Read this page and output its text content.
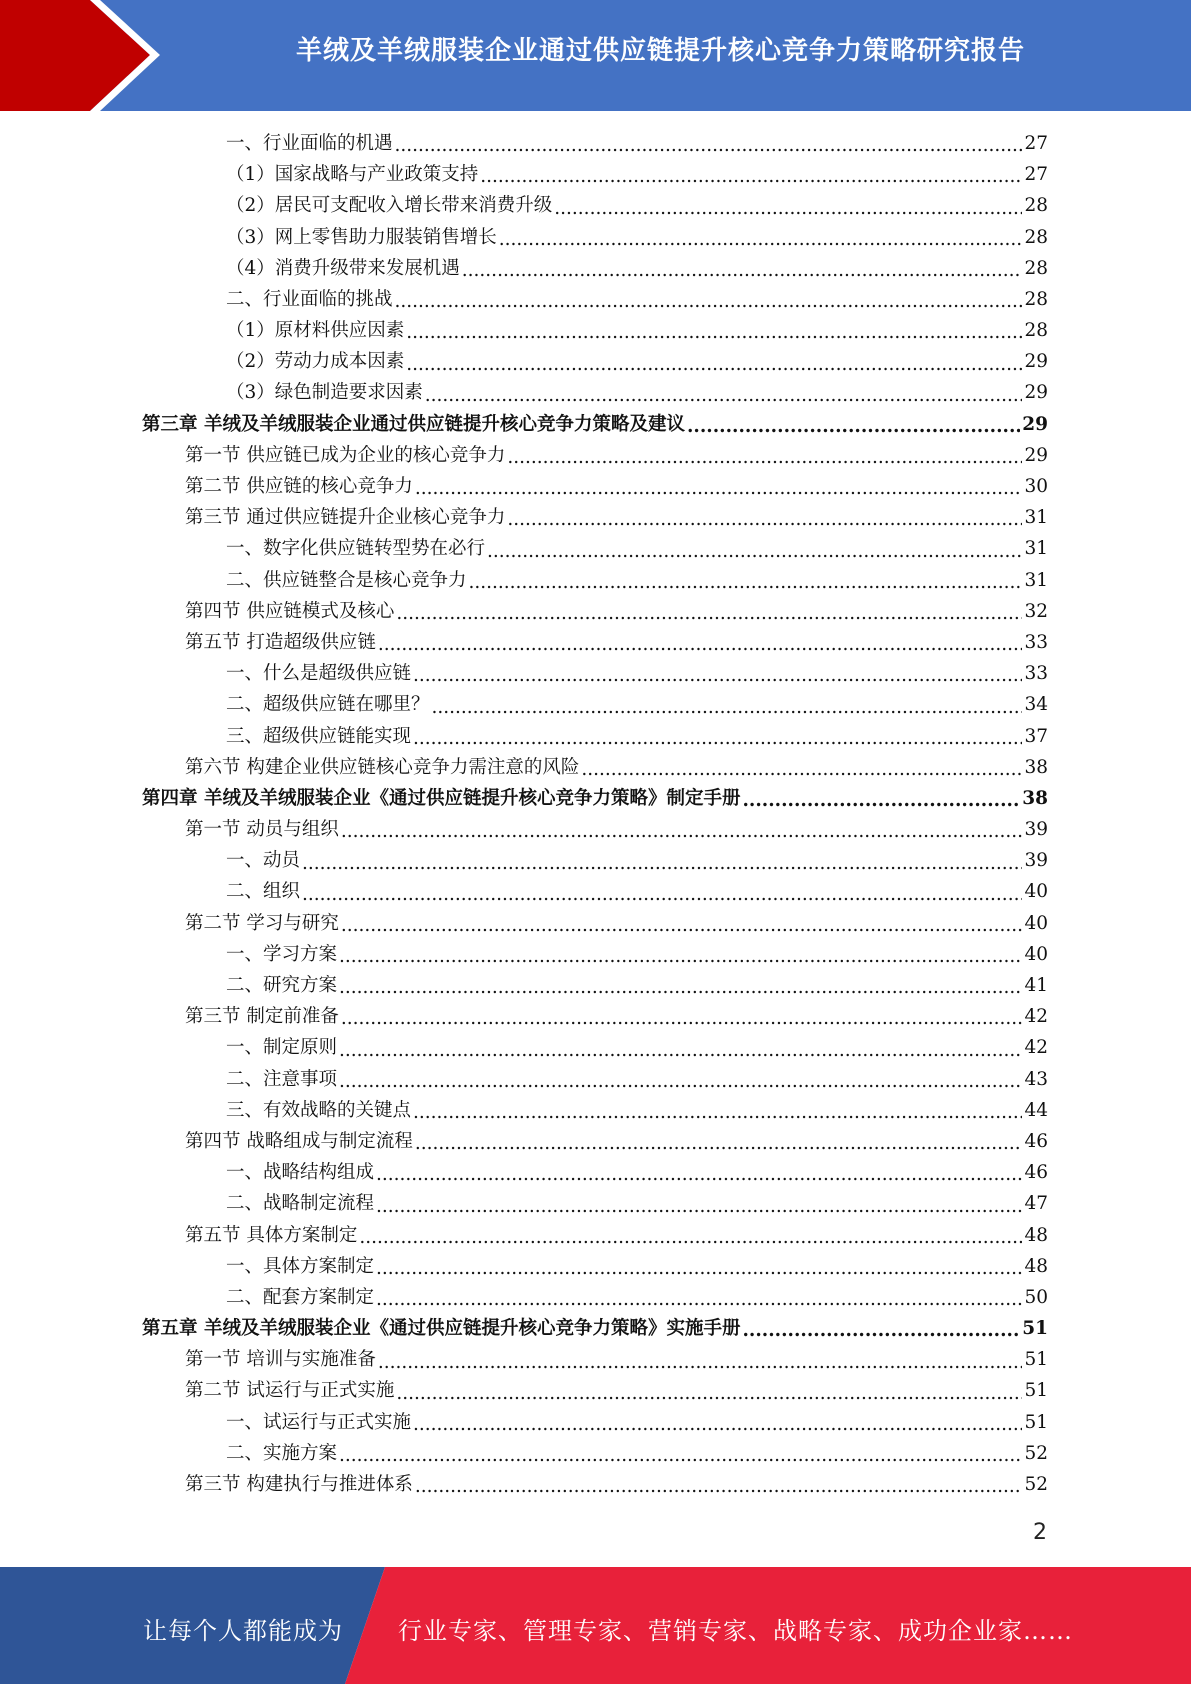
羊绒及羊绒服装企业通过供应链提升核心竞争力策略研究报告
一、行业面临的机遇 .....	27
（1）国家战略与产业政策支持 .....	27
（2）居民可支配收入增长带来消费升级 .....	28
（3）网上零售助力服装销售增长 .....	28
（4）消费升级带来发展机遇 .....	28
二、行业面临的挑战 .....	28
（1）原材料供应因素 .....	28
（2）劳动力成本因素 .....	29
（3）绿色制造要求因素 .....	29
第三章 羊绒及羊绒服装企业通过供应链提升核心竞争力策略及建议 .....	29
第一节 供应链已成为企业的核心竞争力 .....	29
第二节 供应链的核心竞争力 .....	30
第三节 通过供应链提升企业核心竞争力 .....	31
一、数字化供应链转型势在必行 .....	31
二、供应链整合是核心竞争力 .....	31
第四节 供应链模式及核心 .....	32
第五节 打造超级供应链 .....	33
一、什么是超级供应链 .....	33
二、超级供应链在哪里？ .....	34
三、超级供应链能实现 .....	37
第六节 构建企业供应链核心竞争力需注意的风险 .....	38
第四章 羊绒及羊绒服装企业《通过供应链提升核心竞争力策略》制定手册 .....	38
第一节 动员与组织 .....	39
一、动员 .....	39
二、组织 .....	40
第二节 学习与研究 .....	40
一、学习方案 .....	40
二、研究方案 .....	41
第三节 制定前准备 .....	42
一、制定原则 .....	42
二、注意事项 .....	43
三、有效战略的关键点 .....	44
第四节 战略组成与制定流程 .....	46
一、战略结构组成 .....	46
二、战略制定流程 .....	47
第五节 具体方案制定 .....	48
一、具体方案制定 .....	48
二、配套方案制定 .....	50
第五章 羊绒及羊绒服装企业《通过供应链提升核心竞争力策略》实施手册 .....	51
第一节 培训与实施准备 .....	51
第二节 试运行与正式实施 .....	51
一、试运行与正式实施 .....	51
二、实施方案 .....	52
第三节 构建执行与推进体系 .....	52
2
让每个人都能成为 行业专家、管理专家、营销专家、战略专家、成功企业家……
